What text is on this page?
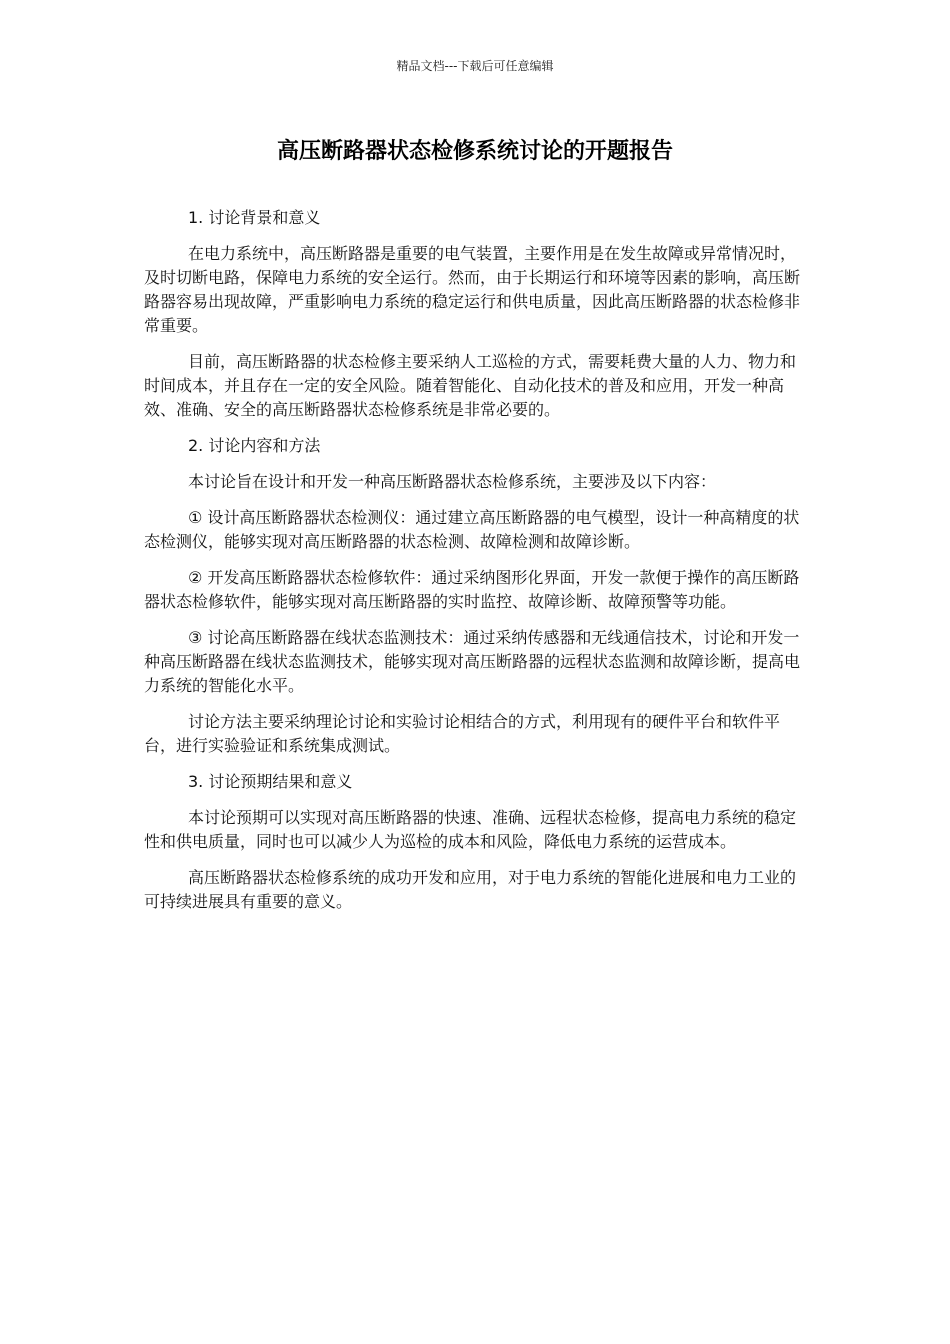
精品文档---下载后可任意编辑
高压断路器状态检修系统讨论的开题报告

1. 讨论背景和意义

在电力系统中，高压断路器是重要的电气装置，主要作用是在发生故障或异常情况时，及时切断电路，保障电力系统的安全运行。然而，由于长期运行和环境等因素的影响，高压断路器容易出现故障，严重影响电力系统的稳定运行和供电质量，因此高压断路器的状态检修非常重要。

目前，高压断路器的状态检修主要采纳人工巡检的方式，需要耗费大量的人力、物力和时间成本，并且存在一定的安全风险。随着智能化、自动化技术的普及和应用，开发一种高效、准确、安全的高压断路器状态检修系统是非常必要的。

2. 讨论内容和方法

本讨论旨在设计和开发一种高压断路器状态检修系统，主要涉及以下内容：

① 设计高压断路器状态检测仪：通过建立高压断路器的电气模型，设计一种高精度的状态检测仪，能够实现对高压断路器的状态检测、故障检测和故障诊断。

② 开发高压断路器状态检修软件：通过采纳图形化界面，开发一款便于操作的高压断路器状态检修软件，能够实现对高压断路器的实时监控、故障诊断、故障预警等功能。

③ 讨论高压断路器在线状态监测技术：通过采纳传感器和无线通信技术，讨论和开发一种高压断路器在线状态监测技术，能够实现对高压断路器的远程状态监测和故障诊断，提高电力系统的智能化水平。

讨论方法主要采纳理论讨论和实验讨论相结合的方式，利用现有的硬件平台和软件平台，进行实验验证和系统集成测试。

3. 讨论预期结果和意义

本讨论预期可以实现对高压断路器的快速、准确、远程状态检修，提高电力系统的稳定性和供电质量，同时也可以减少人为巡检的成本和风险，降低电力系统的运营成本。

高压断路器状态检修系统的成功开发和应用，对于电力系统的智能化进展和电力工业的可持续进展具有重要的意义。
